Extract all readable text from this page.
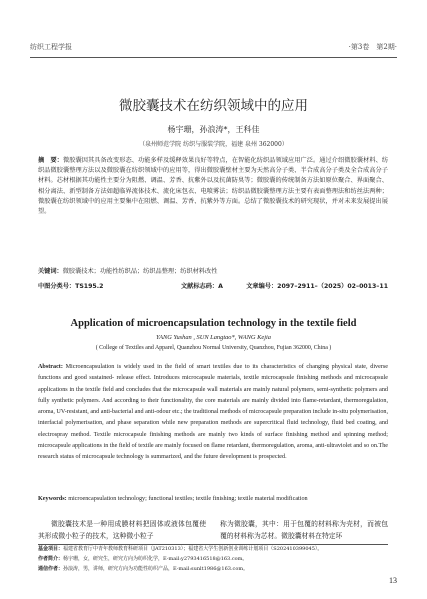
纺织工程学报	·第3卷　第2期·
微胶囊技术在纺织领域中的应用
杨宇珊，孙浪涛*，王科佳
（泉州师范学院 纺织与服装学院，福建 泉州 362000）
摘　要：微胶囊因其具备改变形态、功能多样及缓释效果良好等特点，在智能化纺织品领域应用广泛。通过介绍微胶囊材料、纺织品微胶囊整理方法以及微胶囊在纺织领域中的应用等，得出微胶囊壁材主要为天然高分子类、半合成高分子类及全合成高分子材料。芯材根据其功能性主要分为阻燃、调温、芳香、抗紫外以及抗菌防臭等；微胶囊的传统制备方法如原位聚合、界面聚合、相分离法、新型制备方法如超临界流体技术、流化床包衣、电喷雾法；纺织品微胶囊整理方法主要有表面整理法和纺丝法两种；微胶囊在纺织领域中的应用主要集中在阻燃、调温、芳香、抗紫外等方面。总结了微胶囊技术的研究现状，并对未来发展提出展望。
关键词：微胶囊技术；功能性纺织品；纺织品整理；纺织材料改性
中图分类号：TS195.2	文献标志码：A	文章编号：2097–2911–（2025）02–0013–11
Application of microencapsulation technology in the textile field
YANG Yushan , SUN Langtao*, WANG Kejia
( College of Textiles and Apparel, Quanzhou Normal University, Quanzhou, Fujian 362000, China )
Abstract: Microencapsulation is widely used in the field of smart textiles due to its characteristics of changing physical state, diverse functions and good sustained- release effect. Introduces microcapsule materials, textile microcapsule finishing methods and microcapsule applications in the textile field and concludes that the microcapsule wall materials are mainly natural polymers, semi-synthetic polymers and fully synthetic polymers. And according to their functionality, the core materials are mainly divided into flame-retardant, thermoregulation, aroma, UV-resistant, and anti-bacterial and anti-odour etc.; the traditional methods of microcapsule preparation include in-situ polymerisation, interfacial polymerisation, and phase separation while new preparation methods are supercritical fluid technology, fluid bed coating, and electrospray method. Textile microcapsule finishing methods are mainly two kinds of surface finishing method and spinning method; microcapsule applications in the field of textile are mainly focused on flame retardant, thermoregulation, aroma, anti-ultraviolet and so on.The research status of microcapsule technology is summarized, and the future development is prospected.
Keywords: microencapsulation technology; functional textiles; textile finishing; textile material modification
微胶囊技术是一种用成膜材料把固体或液体包覆使其形成微小粒子的技术，这种微小粒子
称为微胶囊，其中：用于包覆的材料称为壳材，而被包覆的材料称为芯材。微胶囊材料在特定环
基金项目：福建省教育厅中青年教师教育科研项目（JAT210313）；福建省大学生创新创业训练计划项目（S202410399045）。
作者简介：杨宇珊，女，研究生，研究方向为纺织化学，E-mail:y2793416518@163.com。
通信作者：孙浪涛，男，讲师，研究方向为功能性纺织产品，E-mail:sunlt1986@163.com。
13
